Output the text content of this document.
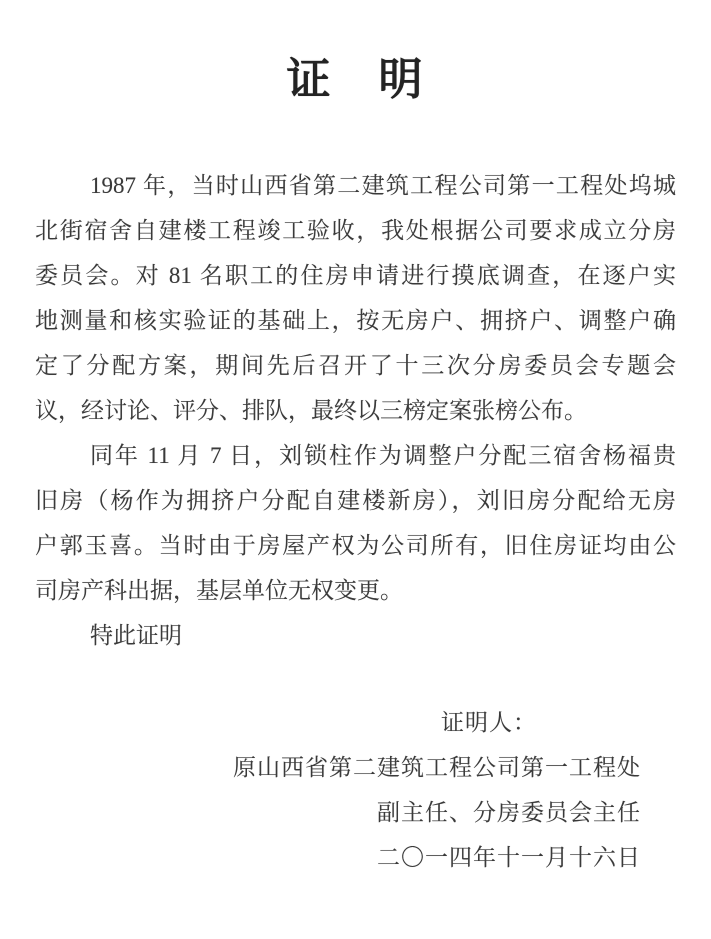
证　明
1987 年，当时山西省第二建筑工程公司第一工程处坞城
北街宿舍自建楼工程竣工验收，我处根据公司要求成立分房
委员会。对 81 名职工的住房申请进行摸底调查，在逐户实
地测量和核实验证的基础上，按无房户、拥挤户、调整户确
定了分配方案，期间先后召开了十三次分房委员会专题会
议，经讨论、评分、排队，最终以三榜定案张榜公布。
同年 11 月 7 日，刘锁柱作为调整户分配三宿舍杨福贵
旧房（杨作为拥挤户分配自建楼新房），刘旧房分配给无房
户郭玉喜。当时由于房屋产权为公司所有，旧住房证均由公
司房产科出据，基层单位无权变更。
特此证明
证明人：
原山西省第二建筑工程公司第一工程处
副主任、分房委员会主任
二〇一四年十一月十六日
